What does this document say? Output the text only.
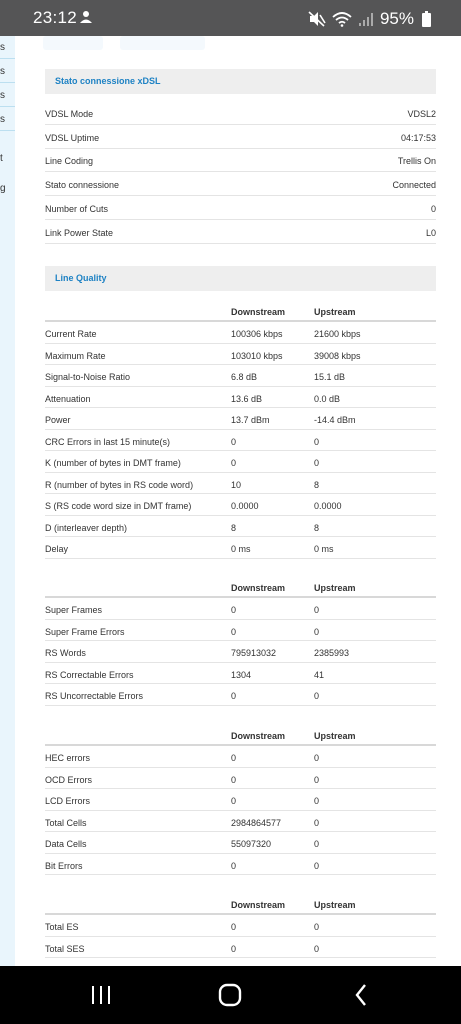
23:12	95%
s
s
s
s
t
g
Stato connessione xDSL
VDSL Mode	VDSL2
VDSL Uptime	04:17:53
Line Coding	Trellis On
Stato connessione	Connected
Number of Cuts	0
Link Power State	L0
Line Quality
Downstream	Upstream
Current Rate	100306 kbps	21600 kbps
Maximum Rate	103010 kbps	39008 kbps
Signal-to-Noise Ratio	6.8 dB	15.1 dB
Attenuation	13.6 dB	0.0 dB
Power	13.7 dBm	-14.4 dBm
CRC Errors in last 15 minute(s)	0	0
K (number of bytes in DMT frame)	0	0
R (number of bytes in RS code word)	10	8
S (RS code word size in DMT frame)	0.0000	0.0000
D (interleaver depth)	8	8
Delay	0 ms	0 ms
Downstream	Upstream
Super Frames	0	0
Super Frame Errors	0	0
RS Words	795913032	2385993
RS Correctable Errors	1304	41
RS Uncorrectable Errors	0	0
Downstream	Upstream
HEC errors	0	0
OCD Errors	0	0
LCD Errors	0	0
Total Cells	2984864577	0
Data Cells	55097320	0
Bit Errors	0	0
Downstream	Upstream
Total ES	0	0
Total SES	0	0
